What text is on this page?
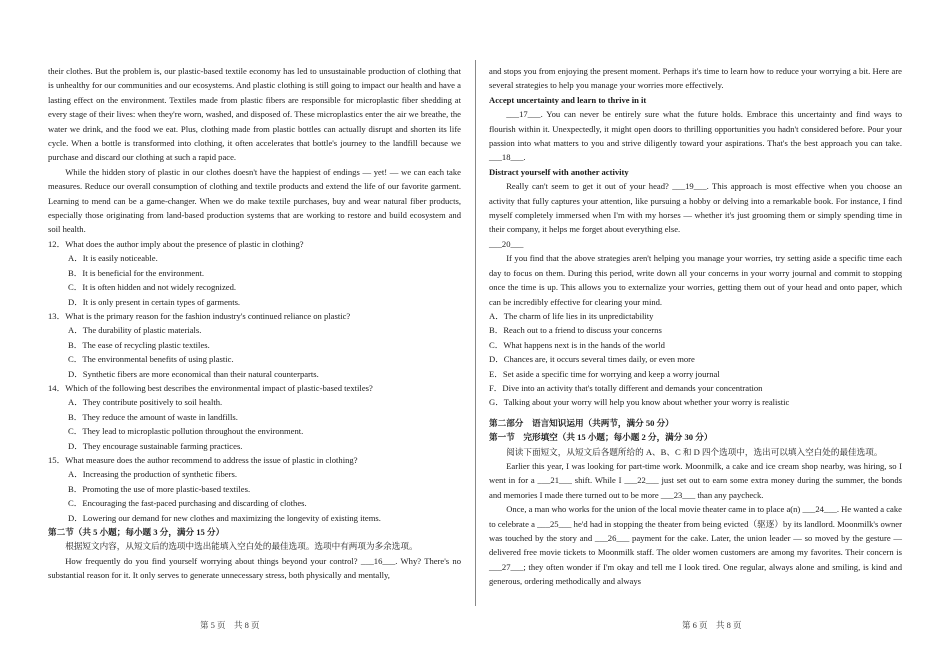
their clothes. But the problem is, our plastic-based textile economy has led to unsustainable production of clothing that is unhealthy for our communities and our ecosystems. And plastic clothing is still going to impact our health and have a lasting effect on the environment. Textiles made from plastic fibers are responsible for microplastic fiber shedding at every stage of their lives: when they're worn, washed, and disposed of. These microplastics enter the air we breathe, the water we drink, and the food we eat. Plus, clothing made from plastic bottles can actually disrupt and shorten its life cycle. When a bottle is transformed into clothing, it often accelerates that bottle's journey to the landfill because we purchase and discard our clothing at such a rapid pace.

While the hidden story of plastic in our clothes doesn't have the happiest of endings — yet! — we can each take measures. Reduce our overall consumption of clothing and textile products and extend the life of our favorite garment. Learning to mend can be a game-changer. When we do make textile purchases, buy and wear natural fiber products, especially those originating from land-based production systems that are working to restore and build ecosystem and soil health.

12．What does the author imply about the presence of plastic in clothing?

A．It is easily noticeable.

B．It is beneficial for the environment.

C．It is often hidden and not widely recognized.

D．It is only present in certain types of garments.

13．What is the primary reason for the fashion industry's continued reliance on plastic?

A．The durability of plastic materials.

B．The ease of recycling plastic textiles.

C．The environmental benefits of using plastic.

D．Synthetic fibers are more economical than their natural counterparts.

14．Which of the following best describes the environmental impact of plastic-based textiles?

A．They contribute positively to soil health.

B．They reduce the amount of waste in landfills.

C．They lead to microplastic pollution throughout the environment.

D．They encourage sustainable farming practices.

15．What measure does the author recommend to address the issue of plastic in clothing?

A．Increasing the production of synthetic fibers.

B．Promoting the use of more plastic-based textiles.

C．Encouraging the fast-paced purchasing and discarding of clothes.

D．Lowering our demand for new clothes and maximizing the longevity of existing items.

第二节（共 5 小题；每小题 3 分，满分 15 分）

根据短文内容，从短文后的选项中选出能填入空白处的最佳选项。选项中有两项为多余选项。

How frequently do you find yourself worrying about things beyond your control? ___16___. Why? There's no substantial reason for it. It only serves to generate unnecessary stress, both physically and mentally,

and stops you from enjoying the present moment. Perhaps it's time to learn how to reduce your worrying a bit. Here are several strategies to help you manage your worries more effectively.

Accept uncertainty and learn to thrive in it

___17___. You can never be entirely sure what the future holds. Embrace this uncertainty and find ways to flourish within it. Unexpectedly, it might open doors to thrilling opportunities you hadn't considered before. Pour your passion into what matters to you and strive diligently toward your aspirations. That's the best approach you can take. ___18___.

Distract yourself with another activity

Really can't seem to get it out of your head? ___19___. This approach is most effective when you choose an activity that fully captures your attention, like pursuing a hobby or delving into a remarkable book. For instance, I find myself completely immersed when I'm with my horses — whether it's just grooming them or simply spending time in their company, it helps me forget about everything else.

___20___

If you find that the above strategies aren't helping you manage your worries, try setting aside a specific time each day to focus on them. During this period, write down all your concerns in your worry journal and commit to stopping once the time is up. This allows you to externalize your worries, getting them out of your head and onto paper, which can be incredibly effective for clearing your mind.

A．The charm of life lies in its unpredictability

B．Reach out to a friend to discuss your concerns

C．What happens next is in the hands of the world

D．Chances are, it occurs several times daily, or even more

E．Set aside a specific time for worrying and keep a worry journal

F．Dive into an activity that's totally different and demands your concentration

G．Talking about your worry will help you know about whether your worry is realistic

第二部分　语言知识运用（共两节，满分 50 分）

第一节　完形填空（共 15 小题；每小题 2 分，满分 30 分）

阅读下面短文，从短文后各题所给的 A、B、C 和 D 四个选项中，选出可以填入空白处的最佳选项。

Earlier this year, I was looking for part-time work. Moonmilk, a cake and ice cream shop nearby, was hiring, so I went in for a ___21___ shift. While I ___22___ just set out to earn some extra money during the summer, the bonds and memories I made there turned out to be more ___23___ than any paycheck.

Once, a man who works for the union of the local movie theater came in to place a(n) ___24___. He wanted a cake to celebrate a ___25___ he'd had in stopping the theater from being evicted（驱逐）by its landlord. Moonmilk's owner was touched by the story and ___26___ payment for the cake. Later, the union leader — so moved by the gesture — delivered free movie tickets to Moonmilk staff. The older women customers are among my favorites. Their concern is ___27___; they often wonder if I'm okay and tell me I look tired. One regular, always alone and smiling, is kind and generous, ordering methodically and always

第 5 页　共 8 页	第 6 页　共 8 页
